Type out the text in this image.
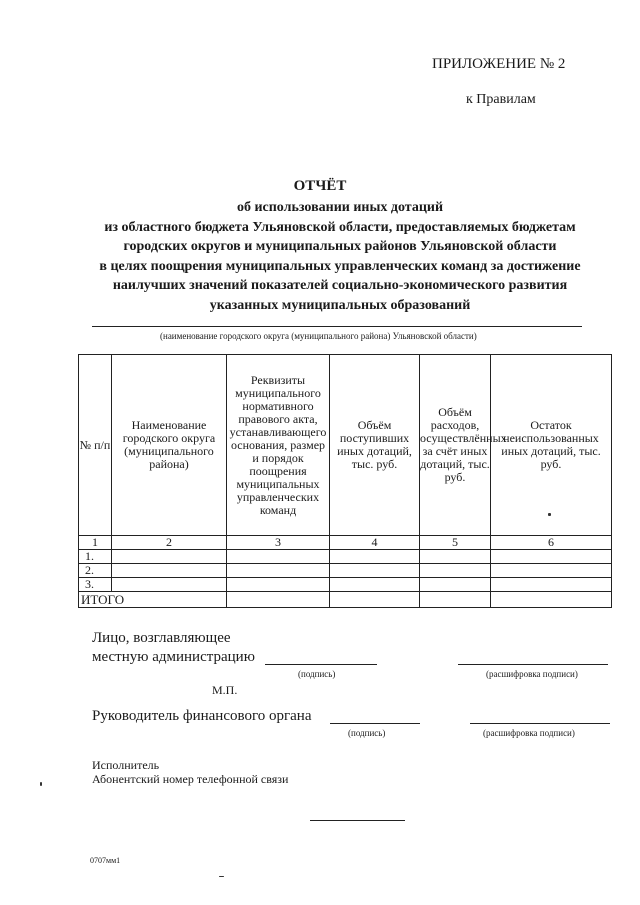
ПРИЛОЖЕНИЕ № 2
к Правилам
ОТЧЁТ
об использовании иных дотаций
из областного бюджета Ульяновской области, предоставляемых бюджетам
городских округов и муниципальных районов Ульяновской области
в целях поощрения муниципальных управленческих команд за достижение
наилучших значений показателей социально-экономического развития
указанных муниципальных образований
(наименование городского округа (муниципального района) Ульяновской области)
№ п/п	Наименование городского округа (муниципального района)	Реквизиты муниципального нормативного правового акта, устанавливающего основания, размер и порядок поощрения муниципальных управленческих команд	Объём поступивших иных дотаций, тыс. руб.	Объём расходов, осуществлённых за счёт иных дотаций, тыс. руб.	Остаток неиспользованных иных дотаций, тыс. руб.
1	2	3	4	5	6
1.					
2.					
3.					
ИТОГО					
Лицо, возглавляющее
местную администрацию
(подпись)	(расшифровка подписи)
М.П.
Руководитель финансового органа
(подпись)	(расшифровка подписи)
Исполнитель
Абонентский номер телефонной связи
0707мм1
